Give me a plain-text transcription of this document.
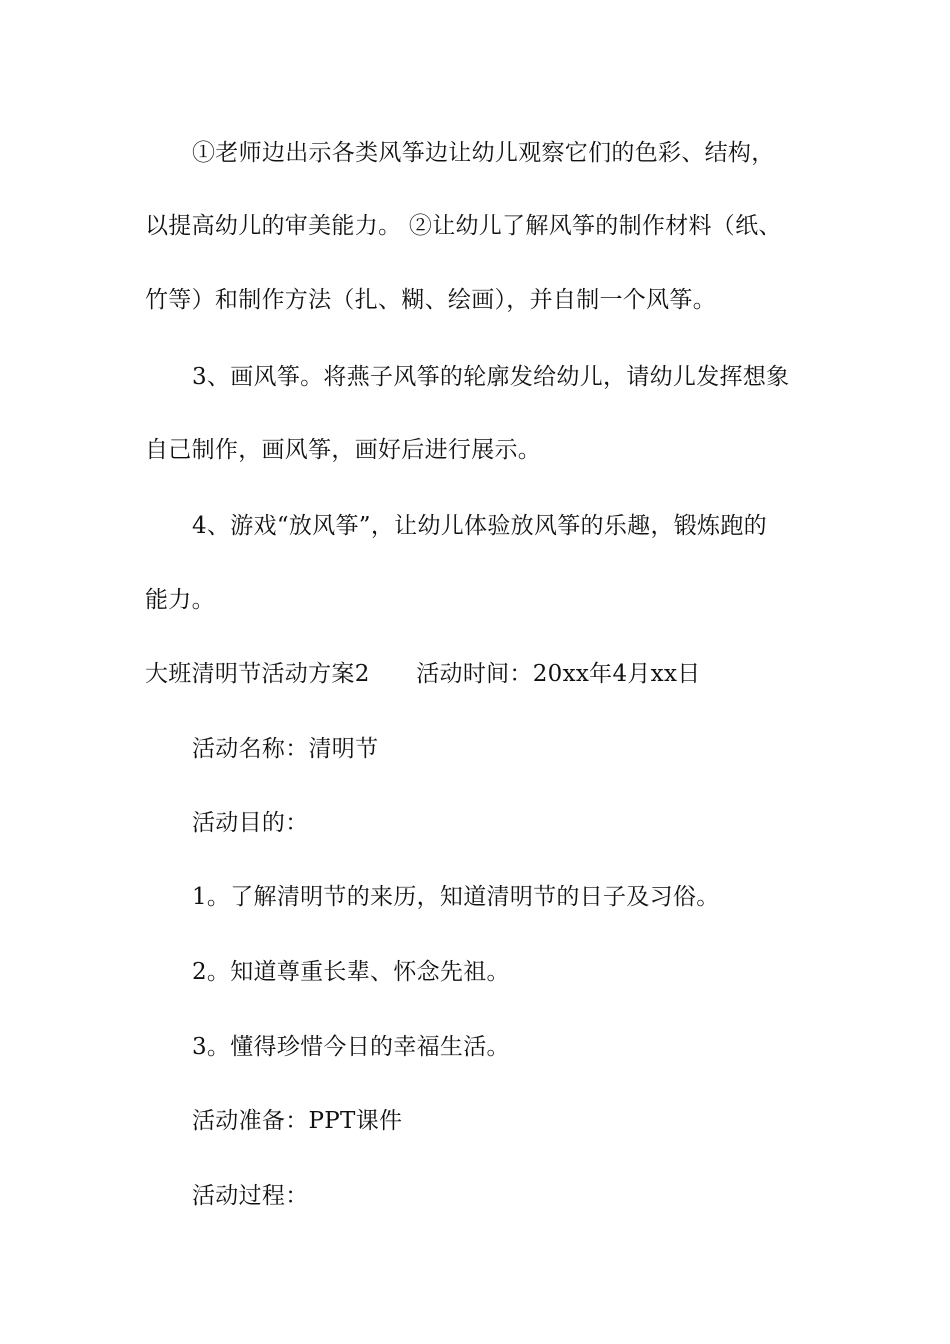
①老师边出示各类风筝边让幼儿观察它们的色彩、结构，
以提高幼儿的审美能力。 ②让幼儿了解风筝的制作材料（纸、
竹等）和制作方法（扎、糊、绘画），并自制一个风筝。
3、画风筝。将燕子风筝的轮廓发给幼儿，请幼儿发挥想象
自己制作，画风筝，画好后进行展示。
4、游戏“放风筝”，让幼儿体验放风筝的乐趣，锻炼跑的
能力。
大班清明节活动方案2　　活动时间：20xx年4月xx日
活动名称：清明节
活动目的：
1。了解清明节的来历，知道清明节的日子及习俗。
2。知道尊重长辈、怀念先祖。
3。懂得珍惜今日的幸福生活。
活动准备：PPT课件
活动过程：
